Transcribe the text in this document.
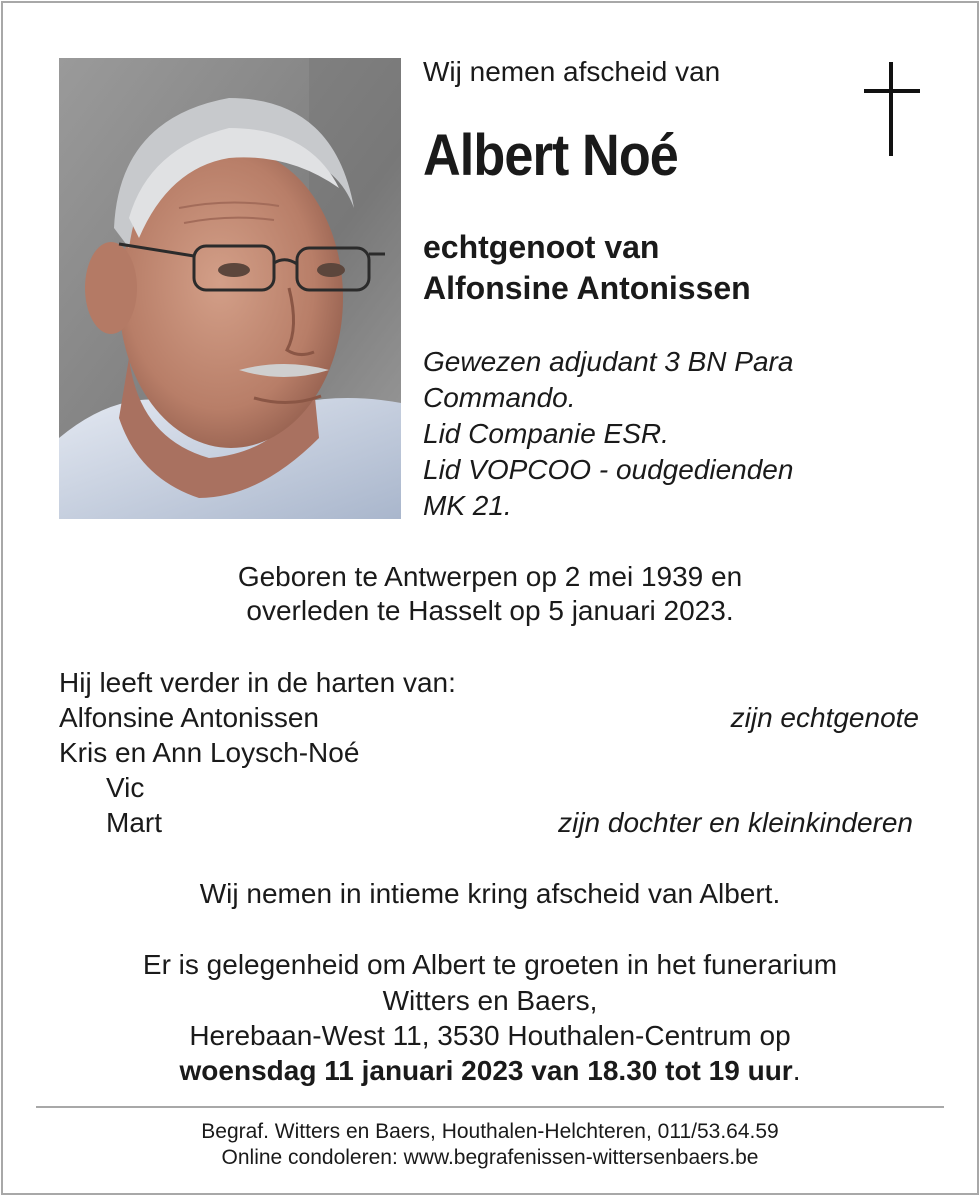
Wij nemen afscheid van
Albert Noé
echtgenoot van
Alfonsine Antonissen
Gewezen adjudant 3 BN Para
Commando.
Lid Companie ESR.
Lid VOPCOO - oudgedienden
MK 21.
Geboren te Antwerpen op 2 mei 1939 en
overleden te Hasselt op 5 januari 2023.
Hij leeft verder in de harten van:
Alfonsine Antonissen	zijn echtgenote
Kris en Ann Loysch-Noé
Vic
Mart	zijn dochter en kleinkinderen
Wij nemen in intieme kring afscheid van Albert.
Er is gelegenheid om Albert te groeten in het funerarium
Witters en Baers,
Herebaan-West 11, 3530 Houthalen-Centrum op
woensdag 11 januari 2023 van 18.30 tot 19 uur.
Begraf. Witters en Baers, Houthalen-Helchteren, 011/53.64.59
Online condoleren: www.begrafenissen-wittersenbaers.be
